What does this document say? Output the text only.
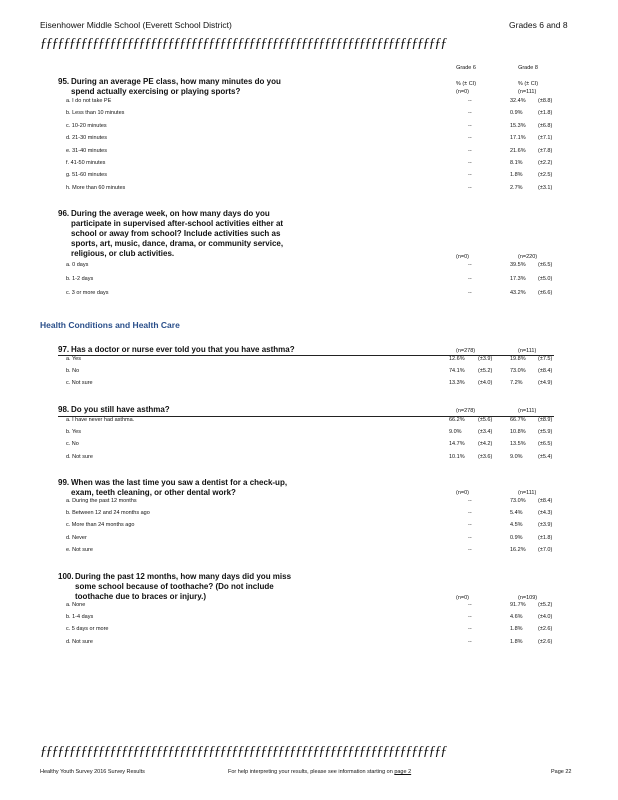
Eisenhower Middle School (Everett School District)	Grades 6 and 8
ƒƒƒƒƒƒƒƒƒƒƒƒƒƒƒƒƒƒƒƒƒƒƒƒƒƒƒƒƒƒƒƒƒƒƒƒƒƒƒƒƒƒƒƒƒƒƒƒƒƒƒƒƒƒƒƒƒƒƒƒƒƒƒƒƒƒƒƒƒƒ
Grade 6	Grade 8
% (± CI)	% (± CI)
Health Conditions and Health Care
95. During an average PE class, how many minutes do you
spend actually exercising or playing sports?	(n=0)	(n=111)
a. I do not take PE	--	32.4% (±8.8)
b. Less than 10 minutes	--	0.9%	(±1.8)
c. 10-20 minutes	--	15.3% (±6.8)
d. 21-30 minutes	--	17.1% (±7.1)
e. 31-40 minutes	--	21.6% (±7.8)
f. 41-50 minutes	--	8.1%	(±2.2)
g. 51-60 minutes	--	1.8%	(±2.5)
h. More than 60 minutes	--	2.7%	(±3.1)
96. During the average week, on how many days do you
participate in supervised after-school activities either at
school or away from school? Include activities such as
sports, art, music, dance, drama, or community service,
religious, or club activities.	(n=0)	(n=220)
a. 0 days	--	39.5% (±6.5)
b. 1-2 days	--	17.3% (±5.0)
c. 3 or more days	--	43.2% (±6.6)
97. Has a doctor or nurse ever told you that you have asthma?	(n=278)	(n=111)
a. Yes	12.6% (±3.9)	19.8% (±7.5)
b. No	74.1% (±5.2)	73.0% (±8.4)
c. Not sure	13.3% (±4.0)	7.2%	(±4.9)
98. Do you still have asthma?	(n=278)	(n=111)
a. I have never had asthma.	66.2% (±5.6)	66.7% (±8.9)
b. Yes	9.0%	(±3.4)	10.8% (±5.9)
c. No	14.7% (±4.2)	13.5% (±6.5)
d. Not sure	10.1% (±3.6)	9.0%	(±5.4)
99. When was the last time you saw a dentist for a check-up,
exam, teeth cleaning, or other dental work?	(n=0)	(n=111)
a. During the past 12 months	--	73.0% (±8.4)
b. Between 12 and 24 months ago	--	5.4%	(±4.3)
c. More than 24 months ago	--	4.5%	(±3.9)
d. Never	--	0.9%	(±1.8)
e. Not sure	--	16.2% (±7.0)
100. During the past 12 months, how many days did you miss
some school because of toothache? (Do not include
toothache due to braces or injury.)	(n=0)	(n=109)
a. None	--	91.7% (±5.2)
b. 1-4 days	--	4.6%	(±4.0)
c. 5 days or more	--	1.8%	(±2.6)
d. Not sure	--	1.8%	(±2.6)
ƒƒƒƒƒƒƒƒƒƒƒƒƒƒƒƒƒƒƒƒƒƒƒƒƒƒƒƒƒƒƒƒƒƒƒƒƒƒƒƒƒƒƒƒƒƒƒƒƒƒƒƒƒƒƒƒƒƒƒƒƒƒƒƒƒƒƒƒƒƒ
Healthy Youth Survey 2016 Survey Results	For help interpreting your results, please see information starting on page 2	Page 22
